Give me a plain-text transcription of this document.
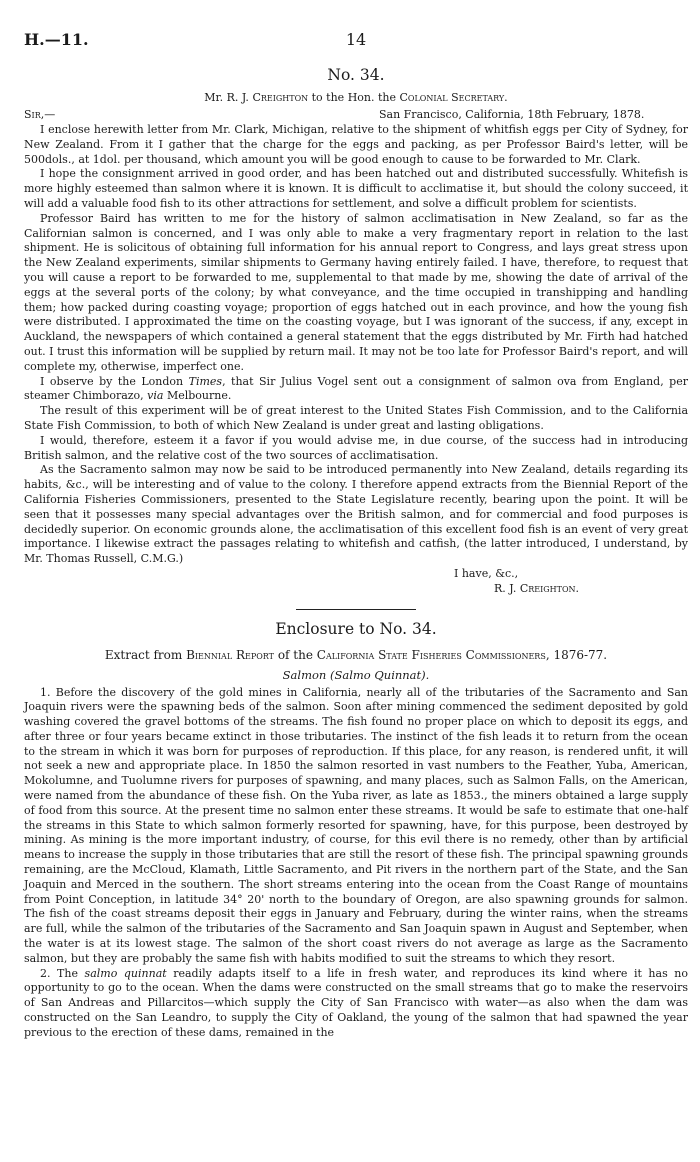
H.—11.	14
No. 34.
Mr. R. J. Creighton to the Hon. the Colonial Secretary.
Sir,—	San Francisco, California, 18th February, 1878.

I enclose herewith letter from Mr. Clark, Michigan, relative to the shipment of whitfish eggs per City of Sydney, for New Zealand. From it I gather that the charge for the eggs and packing, as per Professor Baird's letter, will be 500dols., at 1dol. per thousand, which amount you will be good enough to cause to be forwarded to Mr. Clark.

I hope the consignment arrived in good order, and has been hatched out and distributed successfully. Whitefish is more highly esteemed than salmon where it is known. It is difficult to acclimatise it, but should the colony succeed, it will add a valuable food fish to its other attractions for settlement, and solve a difficult problem for scientists.

Professor Baird has written to me for the history of salmon acclimatisation in New Zealand, so far as the Californian salmon is concerned, and I was only able to make a very fragmentary report in relation to the last shipment. He is solicitous of obtaining full information for his annual report to Congress, and lays great stress upon the New Zealand experiments, similar shipments to Germany having entirely failed. I have, therefore, to request that you will cause a report to be forwarded to me, supplemental to that made by me, showing the date of arrival of the eggs at the several ports of the colony; by what conveyance, and the time occupied in transhipping and handling them; how packed during coasting voyage; proportion of eggs hatched out in each province, and how the young fish were distributed. I approximated the time on the coasting voyage, but I was ignorant of the success, if any, except in Auckland, the newspapers of which contained a general statement that the eggs distributed by Mr. Firth had hatched out. I trust this information will be supplied by return mail. It may not be too late for Professor Baird's report, and will complete my, otherwise, imperfect one.

I observe by the London Times, that Sir Julius Vogel sent out a consignment of salmon ova from England, per steamer Chimborazo, via Melbourne.

The result of this experiment will be of great interest to the United States Fish Commission, and to the California State Fish Commission, to both of which New Zealand is under great and lasting obligations.

I would, therefore, esteem it a favor if you would advise me, in due course, of the success had in introducing British salmon, and the relative cost of the two sources of acclimatisation.

As the Sacramento salmon may now be said to be introduced permanently into New Zealand, details regarding its habits, &c., will be interesting and of value to the colony. I therefore append extracts from the Biennial Report of the California Fisheries Commissioners, presented to the State Legislature recently, bearing upon the point. It will be seen that it possesses many special advantages over the British salmon, and for commercial and food purposes is decidedly superior. On economic grounds alone, the acclimatisation of this excellent food fish is an event of very great importance. I likewise extract the passages relating to whitefish and catfish, (the latter introduced, I understand, by Mr. Thomas Russell, C.M.G.)

I have, &c.,
R. J. Creighton.
Enclosure to No. 34.
Extract from Biennial Report of the California State Fisheries Commissioners, 1876-77.
Salmon (Salmo Quinnat).

1. Before the discovery of the gold mines in California, nearly all of the tributaries of the Sacramento and San Joaquin rivers were the spawning beds of the salmon. Soon after mining commenced the sediment deposited by gold washing covered the gravel bottoms of the streams. The fish found no proper place on which to deposit its eggs, and after three or four years became extinct in those tributaries. The instinct of the fish leads it to return from the ocean to the stream in which it was born for purposes of reproduction. If this place, for any reason, is rendered unfit, it will not seek a new and appropriate place. In 1850 the salmon resorted in vast numbers to the Feather, Yuba, American, Mokolumne, and Tuolumne rivers for purposes of spawning, and many places, such as Salmon Falls, on the American, were named from the abundance of these fish. On the Yuba river, as late as 1853., the miners obtained a large supply of food from this source. At the present time no salmon enter these streams. It would be safe to estimate that one-half the streams in this State to which salmon formerly resorted for spawning, have, for this purpose, been destroyed by mining. As mining is the more important industry, of course, for this evil there is no remedy, other than by artificial means to increase the supply in those tributaries that are still the resort of these fish. The principal spawning grounds remaining, are the McCloud, Klamath, Little Sacramento, and Pit rivers in the northern part of the State, and the San Joaquin and Merced in the southern. The short streams entering into the ocean from the Coast Range of mountains from Point Conception, in latitude 34° 20' north to the boundary of Oregon, are also spawning grounds for salmon. The fish of the coast streams deposit their eggs in January and February, during the winter rains, when the streams are full, while the salmon of the tributaries of the Sacramento and San Joaquin spawn in August and September, when the water is at its lowest stage. The salmon of the short coast rivers do not average as large as the Sacramento salmon, but they are probably the same fish with habits modified to suit the streams to which they resort.

2. The salmo quinnat readily adapts itself to a life in fresh water, and reproduces its kind where it has no opportunity to go to the ocean. When the dams were constructed on the small streams that go to make the reservoirs of San Andreas and Pillarcitos—which supply the City of San Francisco with water—as also when the dam was constructed on the San Leandro, to supply the City of Oakland, the young of the salmon that had spawned the year previous to the erection of these dams, remained in the
